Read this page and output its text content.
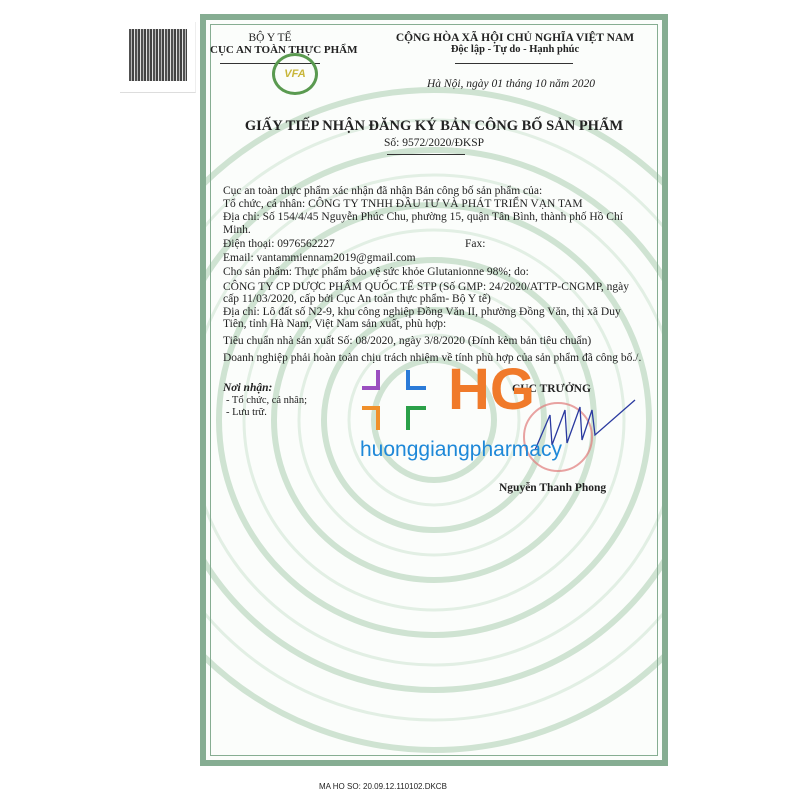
BỘ Y TẾ
CỤC AN TOÀN THỰC PHẨM
VFA
CỘNG HÒA XÃ HỘI CHỦ NGHĨA VIỆT NAM
Độc lập - Tự do - Hạnh phúc
Hà Nội, ngày 01 tháng 10 năm 2020
GIẤY TIẾP NHẬN ĐĂNG KÝ BẢN CÔNG BỐ SẢN PHẨM
Số: 9572/2020/ĐKSP
Cục an toàn thực phẩm xác nhận đã nhận Bản công bố sản phẩm của:
Tổ chức, cá nhân: CÔNG TY TNHH ĐẦU TƯ VÀ PHÁT TRIỂN VẠN TAM
Địa chỉ: Số 154/4/45 Nguyễn Phúc Chu, phường 15, quận Tân Bình, thành phố Hồ Chí
Minh.
Điện thoại: 0976562227	Fax:
Email: vantammiennam2019@gmail.com
Cho sản phẩm: Thực phẩm bảo vệ sức khỏe Glutanionne 98%; do:
CÔNG TY CP DƯỢC PHẨM QUỐC TẾ STP (Số GMP: 24/2020/ATTP-CNGMP, ngày
cấp 11/03/2020, cấp bởi Cục An toàn thực phẩm- Bộ Y tế)
Địa chỉ: Lô đất số N2-9, khu công nghiệp Đồng Văn II, phường Đồng Văn, thị xã Duy
Tiên, tỉnh Hà Nam, Việt Nam sản xuất, phù hợp:
Tiêu chuẩn nhà sản xuất Số: 08/2020, ngày 3/8/2020 (Đính kèm bản tiêu chuẩn)
Doanh nghiệp phải hoàn toàn chịu trách nhiệm về tính phù hợp của sản phẩm đã công bố./.
Nơi nhận:
- Tổ chức, cá nhân;
- Lưu trữ.
CỤC TRƯỞNG
Nguyễn Thanh Phong
HG
huonggiangpharmacy
MA HO SO: 20.09.12.110102.DKCB
